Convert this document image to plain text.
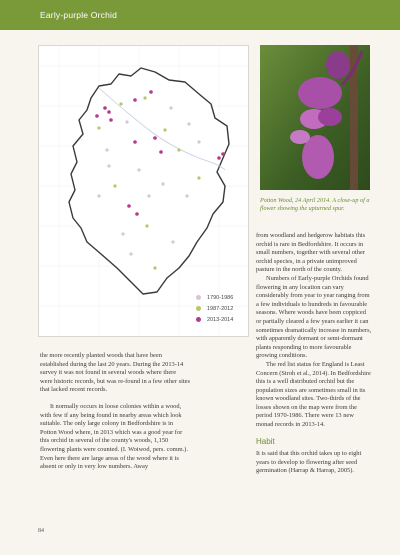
Early-purple Orchid
1790-1986
1987-2012
2013-2014
Potton Wood, 24 April 2014. A close-up of a flower showing the upturned spur.

the more recently planted woods that have been established during the last 20 years. During the 2013-14 survey it was not found in several woods where there were historic records, but was re-found in a few other sites that lacked recent records.

It normally occurs in loose colonies within a wood, with few if any being found in nearby areas which look suitable. The only large colony in Bedfordshire is in Potton Wood where, in 2013 which was a good year for this orchid in several of the county's woods, 1,150 flowering plants were counted. (I. Woiwod, pers. comm.). Even here there are large areas of the wood where it is absent or only in very low numbers. Away

from woodland and hedgerow habitats this orchid is rare in Bedfordshire. It occurs in small numbers, together with several other orchid species, in a private unimproved pasture in the north of the county.

Numbers of Early-purple Orchids found flowering in any location can vary considerably from year to year ranging from a few individuals to hundreds in favourable seasons. Where woods have been coppiced or partially cleared a few years earlier it can sometimes dramatically increase in numbers, with apparently dormant or semi-dormant plants responding to more favourable growing conditions.

The red list status for England is Least Concern (Stroh et al., 2014). In Bedfordshire this is a well distributed orchid but the population sizes are sometimes small in its known woodland sites. Two-thirds of the losses shown on the map were from the period 1970-1986. There were 13 new monad records in 2013-14.

Habit

It is said that this orchid takes up to eight years to develop to flowering after seed germination (Harrap & Harrap, 2005).

84
